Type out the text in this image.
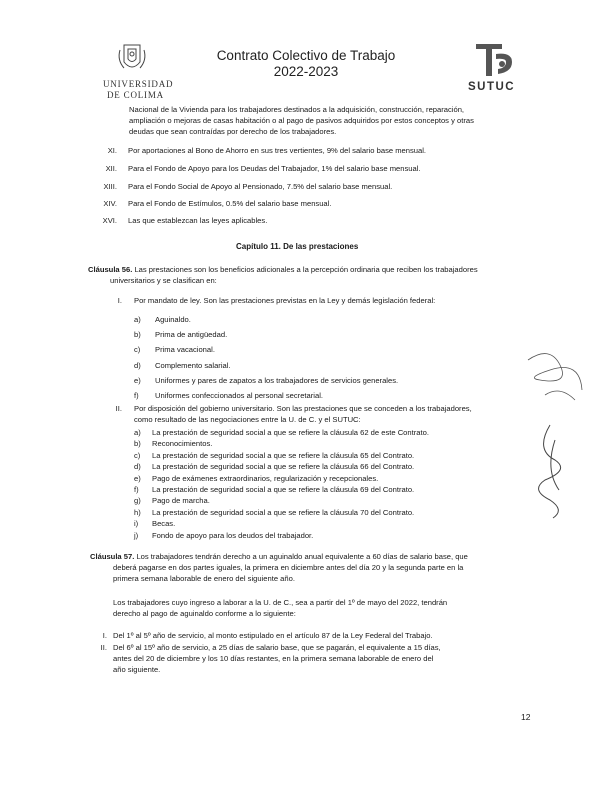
UNIVERSIDAD
DE COLIMA
Contrato Colectivo de Trabajo
2022-2023
SUTUC
Nacional de la Vivienda para los trabajadores destinados a la adquisición, construcción, reparación,
ampliación o mejoras de casas habitación o al pago de pasivos adquiridos por estos conceptos y otras
deudas que sean contraídas por derecho de los trabajadores.
XI. Por aportaciones al Bono de Ahorro en sus tres vertientes, 9% del salario base mensual.
XII. Para el Fondo de Apoyo para los Deudas del Trabajador, 1% del salario base mensual.
XIII. Para el Fondo Social de Apoyo al Pensionado, 7.5% del salario base mensual.
XIV. Para el Fondo de Estímulos, 0.5% del salario base mensual.
XVI. Las que establezcan las leyes aplicables.
Capítulo 11. De las prestaciones
Cláusula 56. Las prestaciones son los beneficios adicionales a la percepción ordinaria que reciben los trabajadores
universitarios y se clasifican en:
I. Por mandato de ley. Son las prestaciones previstas en la Ley y demás legislación federal:
a) Aguinaldo.
b) Prima de antigüedad.
c) Prima vacacional.
d) Complemento salarial.
e) Uniformes y pares de zapatos a los trabajadores de servicios generales.
f) Uniformes confeccionados al personal secretarial.
II. Por disposición del gobierno universitario. Son las prestaciones que se conceden a los trabajadores,
como resultado de las negociaciones entre la U. de C. y el SUTUC:
a) La prestación de seguridad social a que se refiere la cláusula 62 de este Contrato.
b) Reconocimientos.
c) La prestación de seguridad social a que se refiere la cláusula 65 del Contrato.
d) La prestación de seguridad social a que se refiere la cláusula 66 del Contrato.
e) Pago de exámenes extraordinarios, regularización y recepcionales.
f) La prestación de seguridad social a que se refiere la cláusula 69 del Contrato.
g) Pago de marcha.
h) La prestación de seguridad social a que se refiere la cláusula 70 del Contrato.
i) Becas.
j) Fondo de apoyo para los deudos del trabajador.
Cláusula 57. Los trabajadores tendrán derecho a un aguinaldo anual equivalente a 60 días de salario base, que
deberá pagarse en dos partes iguales, la primera en diciembre antes del día 20 y la segunda parte en la
primera semana laborable de enero del siguiente año.
Los trabajadores cuyo ingreso a laborar a la U. de C., sea a partir del 1º de mayo del 2022, tendrán
derecho al pago de aguinaldo conforme a lo siguiente:
I. Del 1º al 5º año de servicio, al monto estipulado en el artículo 87 de la Ley Federal del Trabajo.
II. Del 6º al 15º año de servicio, a 25 días de salario base, que se pagarán, el equivalente a 15 días,
antes del 20 de diciembre y los 10 días restantes, en la primera semana laborable de enero del
año siguiente.
12
